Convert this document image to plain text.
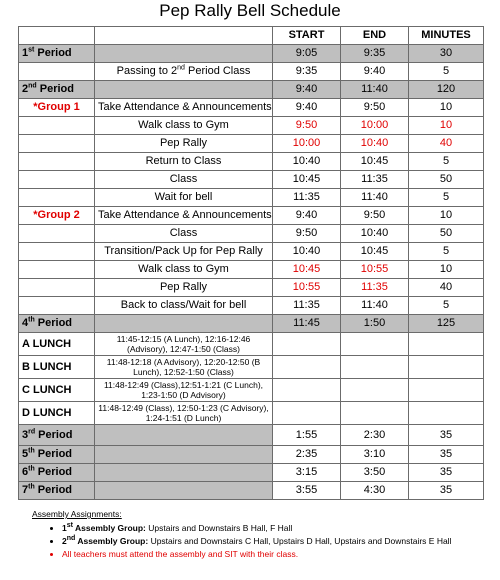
Pep Rally Bell Schedule
		START	END	MINUTES
1st Period		9:05	9:35	30
	Passing to 2nd Period Class	9:35	9:40	5
2nd Period		9:40	11:40	120
*Group 1	Take Attendance & Announcements	9:40	9:50	10
	Walk class to Gym	9:50	10:00	10
	Pep Rally	10:00	10:40	40
	Return to Class	10:40	10:45	5
	Class	10:45	11:35	50
	Wait for bell	11:35	11:40	5
*Group 2	Take Attendance & Announcements	9:40	9:50	10
	Class	9:50	10:40	50
	Transition/Pack Up for Pep Rally	10:40	10:45	5
	Walk class to Gym	10:45	10:55	10
	Pep Rally	10:55	11:35	40
	Back to class/Wait for bell	11:35	11:40	5
4th Period		11:45	1:50	125
A LUNCH	11:45-12:15 (A Lunch), 12:16-12:46 (Advisory), 12:47-1:50 (Class)			
B LUNCH	11:48-12:18 (A Advisory), 12:20-12:50 (B Lunch), 12:52-1:50 (Class)			
C LUNCH	11:48-12:49 (Class),12:51-1:21 (C Lunch), 1:23-1:50 (D Advisory)			
D LUNCH	11:48-12:49 (Class), 12:50-1:23 (C Advisory), 1:24-1:51 (D Lunch)			
3rd Period		1:55	2:30	35
5th Period		2:35	3:10	35
6th Period		3:15	3:50	35
7th Period		3:55	4:30	35
Assembly Assignments:
• 1st Assembly Group: Upstairs and Downstairs B Hall, F Hall
• 2nd Assembly Group: Upstairs and Downstairs C Hall, Upstairs D Hall, Upstairs and Downstairs E Hall
• All teachers must attend the assembly and SIT with their class.
